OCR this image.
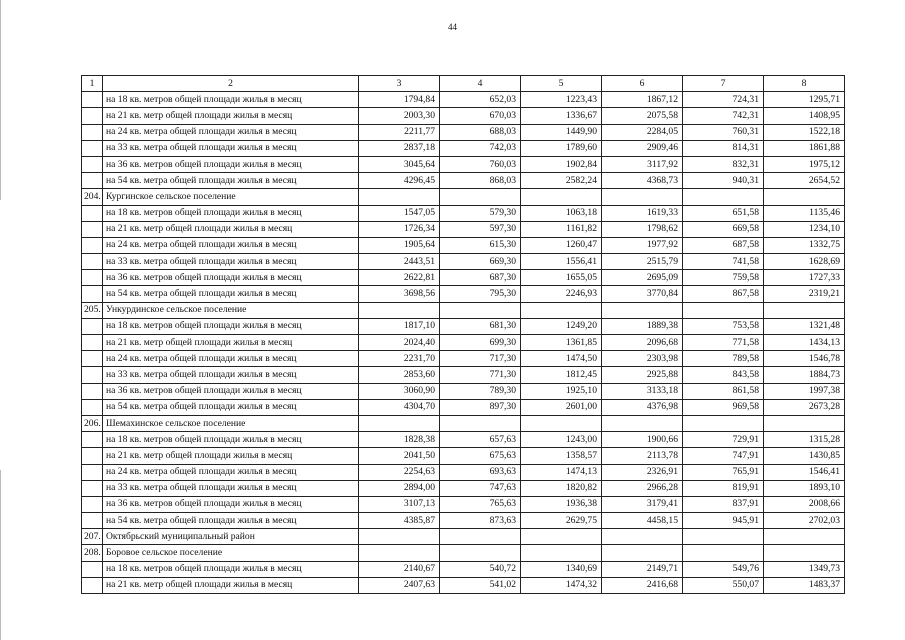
44
1	2	3	4	5	6	7	8
	на 18 кв. метров общей площади жилья в месяц	1794,84	652,03	1223,43	1867,12	724,31	1295,71
	на 21 кв. метр общей площади жилья в месяц	2003,30	670,03	1336,67	2075,58	742,31	1408,95
	на 24 кв. метра общей площади жилья в месяц	2211,77	688,03	1449,90	2284,05	760,31	1522,18
	на 33 кв. метра общей площади жилья в месяц	2837,18	742,03	1789,60	2909,46	814,31	1861,88
	на 36 кв. метров общей площади жилья в месяц	3045,64	760,03	1902,84	3117,92	832,31	1975,12
	на 54 кв. метра общей площади жилья в месяц	4296,45	868,03	2582,24	4368,73	940,31	2654,52
204.	Кургинское сельское поселение						
	на 18 кв. метров общей площади жилья в месяц	1547,05	579,30	1063,18	1619,33	651,58	1135,46
	на 21 кв. метр общей площади жилья в месяц	1726,34	597,30	1161,82	1798,62	669,58	1234,10
	на 24 кв. метра общей площади жилья в месяц	1905,64	615,30	1260,47	1977,92	687,58	1332,75
	на 33 кв. метра общей площади жилья в месяц	2443,51	669,30	1556,41	2515,79	741,58	1628,69
	на 36 кв. метров общей площади жилья в месяц	2622,81	687,30	1655,05	2695,09	759,58	1727,33
	на 54 кв. метра общей площади жилья в месяц	3698,56	795,30	2246,93	3770,84	867,58	2319,21
205.	Ункурдинское сельское поселение						
	на 18 кв. метров общей площади жилья в месяц	1817,10	681,30	1249,20	1889,38	753,58	1321,48
	на 21 кв. метр общей площади жилья в месяц	2024,40	699,30	1361,85	2096,68	771,58	1434,13
	на 24 кв. метра общей площади жилья в месяц	2231,70	717,30	1474,50	2303,98	789,58	1546,78
	на 33 кв. метра общей площади жилья в месяц	2853,60	771,30	1812,45	2925,88	843,58	1884,73
	на 36 кв. метров общей площади жилья в месяц	3060,90	789,30	1925,10	3133,18	861,58	1997,38
	на 54 кв. метра общей площади жилья в месяц	4304,70	897,30	2601,00	4376,98	969,58	2673,28
206.	Шемахинское сельское поселение						
	на 18 кв. метров общей площади жилья в месяц	1828,38	657,63	1243,00	1900,66	729,91	1315,28
	на 21 кв. метр общей площади жилья в месяц	2041,50	675,63	1358,57	2113,78	747,91	1430,85
	на 24 кв. метра общей площади жилья в месяц	2254,63	693,63	1474,13	2326,91	765,91	1546,41
	на 33 кв. метра общей площади жилья в месяц	2894,00	747,63	1820,82	2966,28	819,91	1893,10
	на 36 кв. метров общей площади жилья в месяц	3107,13	765,63	1936,38	3179,41	837,91	2008,66
	на 54 кв. метра общей площади жилья в месяц	4385,87	873,63	2629,75	4458,15	945,91	2702,03
207.	Октябрьский муниципальный район						
208.	Боровое сельское поселение						
	на 18 кв. метров общей площади жилья в месяц	2140,67	540,72	1340,69	2149,71	549,76	1349,73
	на 21 кв. метр общей площади жилья в месяц	2407,63	541,02	1474,32	2416,68	550,07	1483,37
